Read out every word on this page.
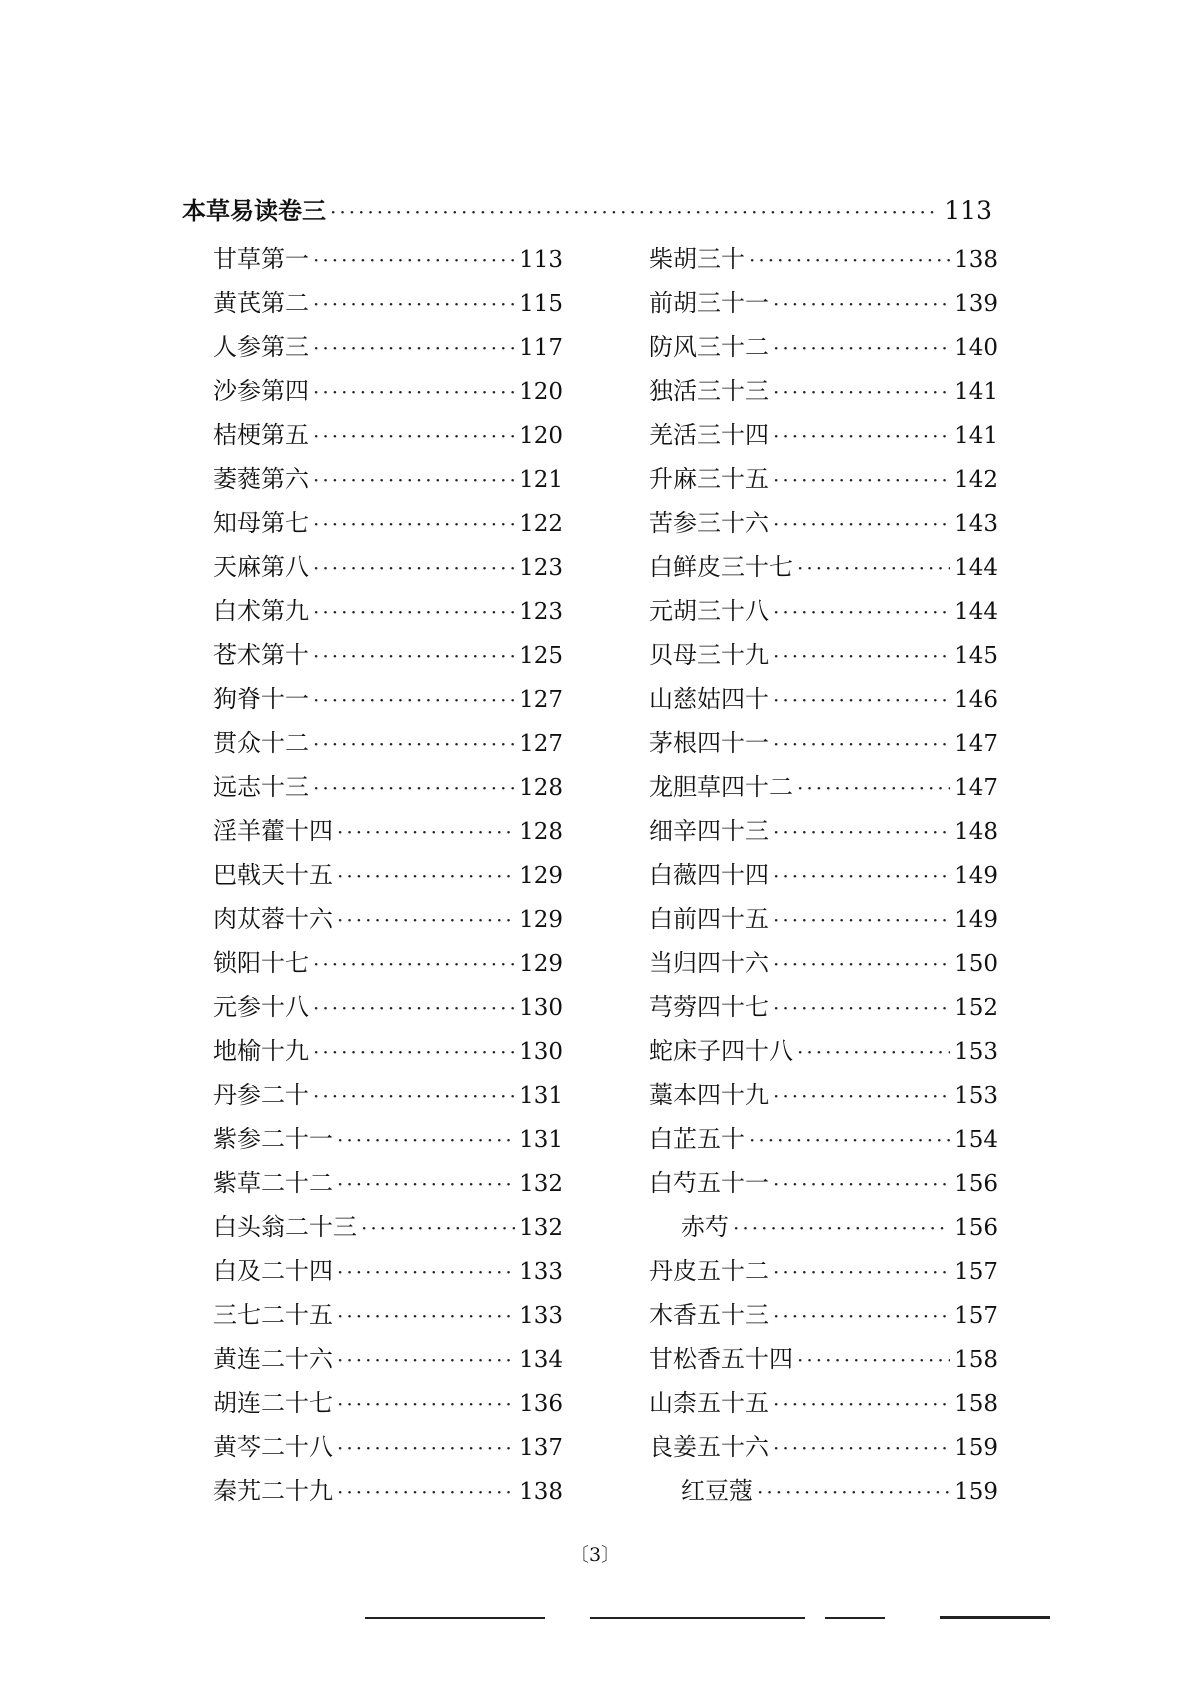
本草易读卷三 ·····	113
甘草第一 ·····	113
黄芪第二 ·····	115
人参第三 ·····	117
沙参第四 ·····	120
桔梗第五 ·····	120
萎蕤第六 ·····	121
知母第七 ·····	122
天麻第八 ·····	123
白术第九 ·····	123
苍术第十 ·····	125
狗脊十一 ·····	127
贯众十二 ·····	127
远志十三 ·····	128
淫羊藿十四 ·····	128
巴戟天十五 ·····	129
肉苁蓉十六 ·····	129
锁阳十七 ·····	129
元参十八 ·····	130
地榆十九 ·····	130
丹参二十 ·····	131
紫参二十一 ·····	131
紫草二十二 ·····	132
白头翁二十三 ·····	132
白及二十四 ·····	133
三七二十五 ·····	133
黄连二十六 ·····	134
胡连二十七 ·····	136
黄芩二十八 ·····	137
秦艽二十九 ·····	138
柴胡三十 ·····	138
前胡三十一 ·····	139
防风三十二 ·····	140
独活三十三 ·····	141
羌活三十四 ·····	141
升麻三十五 ·····	142
苦参三十六 ·····	143
白鲜皮三十七 ·····	144
元胡三十八 ·····	144
贝母三十九 ·····	145
山慈姑四十 ·····	146
茅根四十一 ·····	147
龙胆草四十二 ·····	147
细辛四十三 ·····	148
白薇四十四 ·····	149
白前四十五 ·····	149
当归四十六 ·····	150
芎䓖四十七 ·····	152
蛇床子四十八 ·····	153
藁本四十九 ·····	153
白芷五十 ·····	154
白芍五十一 ·····	156
赤芍 ·····	156
丹皮五十二 ·····	157
木香五十三 ·····	157
甘松香五十四 ·····	158
山柰五十五 ·····	158
良姜五十六 ·····	159
红豆蔻 ·····	159
〔3〕
